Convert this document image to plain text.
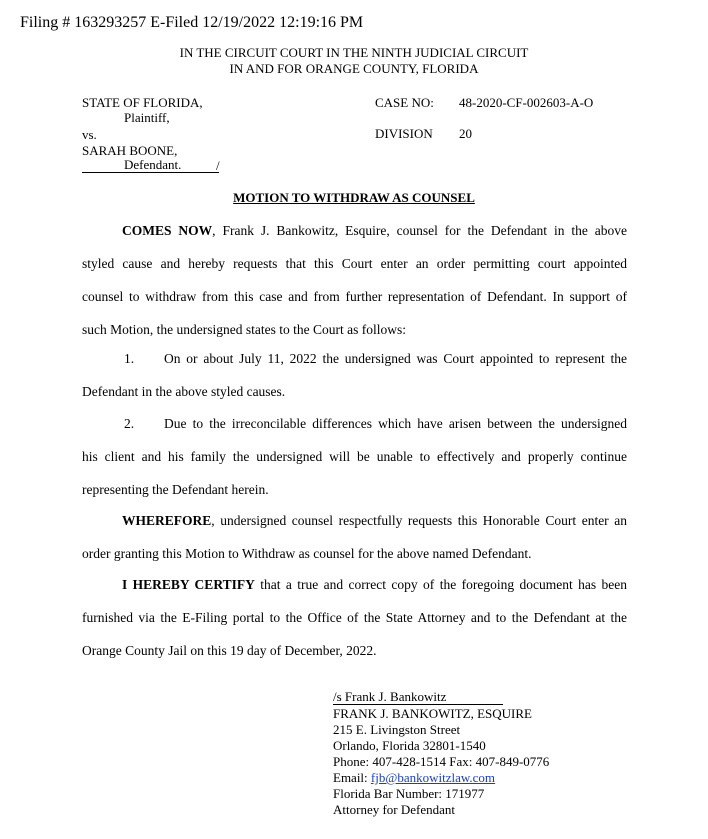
Filing # 163293257 E-Filed 12/19/2022 12:19:16 PM
IN THE CIRCUIT COURT IN THE NINTH JUDICIAL CIRCUIT
IN AND FOR ORANGE COUNTY, FLORIDA
STATE OF FLORIDA,
Plaintiff,
vs.
SARAH BOONE,
Defendant.	/
CASE NO: 48-2020-CF-002603-A-O
DIVISION 20
MOTION TO WITHDRAW AS COUNSEL
COMES NOW, Frank J. Bankowitz, Esquire, counsel for the Defendant in the above
styled cause and hereby requests that this Court enter an order permitting court appointed
counsel to withdraw from this case and from further representation of Defendant. In support of
such Motion, the undersigned states to the Court as follows:
1. On or about July 11, 2022 the undersigned was Court appointed to represent the
Defendant in the above styled causes.
2. Due to the irreconcilable differences which have arisen between the undersigned
his client and his family the undersigned will be unable to effectively and properly continue
representing the Defendant herein.
WHEREFORE, undersigned counsel respectfully requests this Honorable Court enter an
order granting this Motion to Withdraw as counsel for the above named Defendant.
I HEREBY CERTIFY that a true and correct copy of the foregoing document has been
furnished via the E-Filing portal to the Office of the State Attorney and to the Defendant at the
Orange County Jail on this 19 day of December, 2022.
/s Frank J. Bankowitz
FRANK J. BANKOWITZ, ESQUIRE
215 E. Livingston Street
Orlando, Florida 32801-1540
Phone: 407-428-1514 Fax: 407-849-0776
Email: fjb@bankowitzlaw.com
Florida Bar Number: 171977
Attorney for Defendant
